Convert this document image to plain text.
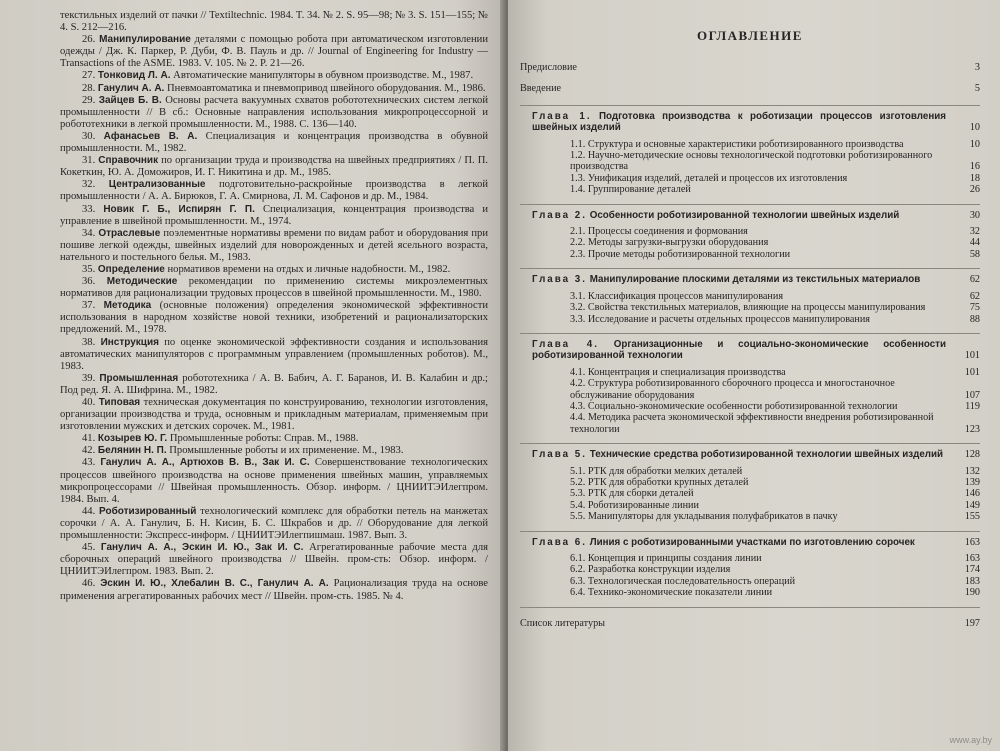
текстильных изделий от пачки // Textiltechnic. 1984. T. 34. № 2. S. 95—98; № 3. S. 151—155; № 4. S. 212—216.

26. Манипулирование деталями с помощью робота при автоматическом изготовлении одежды / Дж. К. Паркер, Р. Дуби, Ф. В. Пауль и др. // Journal of Engineering for Industry — Transactions of the ASME. 1983. V. 105. № 2. P. 21—26.

27. Тонковид Л. А. Автоматические манипуляторы в обувном производстве. М., 1987.

28. Ганулич А. А. Пневмоавтоматика и пневмопривод швейного оборудования. М., 1986.

29. Зайцев Б. В. Основы расчета вакуумных схватов робототехнических систем легкой промышленности // В сб.: Основные направления использования микропроцессорной и робототехники в легкой промышленности. М., 1988. С. 136—140.

30. Афанасьев В. А. Специализация и концентрация производства в обувной промышленности. М., 1982.

31. Справочник по организации труда и производства на швейных предприятиях / П. П. Кокеткин, Ю. А. Доможиров, И. Г. Никитина и др. М., 1985.

32. Централизованные подготовительно-раскройные производства в легкой промышленности / А. А. Бирюков, Г. А. Смирнова, Л. М. Сафонов и др. М., 1984.

33. Новик Г. Б., Испирян Г. П. Специализация, концентрация производства и управление в швейной промышленности. М., 1974.

34. Отраслевые поэлементные нормативы времени по видам работ и оборудования при пошиве легкой одежды, швейных изделий для новорожденных и детей ясельного возраста, нательного и постельного белья. М., 1983.

35. Определение нормативов времени на отдых и личные надобности. М., 1982.

36. Методические рекомендации по применению системы микроэлементных нормативов для рационализации трудовых процессов в швейной промышленности. М., 1980.

37. Методика (основные положения) определения экономической эффективности использования в народном хозяйстве новой техники, изобретений и рационализаторских предложений. М., 1978.

38. Инструкция по оценке экономической эффективности создания и использования автоматических манипуляторов с программным управлением (промышленных роботов). М., 1983.

39. Промышленная робототехника / А. В. Бабич, А. Г. Баранов, И. В. Калабин и др.; Под ред. Я. А. Шифрина. М., 1982.

40. Типовая техническая документация по конструированию, технологии изготовления, организации производства и труда, основным и прикладным материалам, применяемым при изготовлении мужских и детских сорочек. М., 1981.

41. Козырев Ю. Г. Промышленные роботы: Справ. М., 1988.

42. Белянин Н. П. Промышленные роботы и их применение. М., 1983.

43. Ганулич А. А., Артюхов В. В., Зак И. С. Совершенствование технологических процессов швейного производства на основе применения швейных машин, управляемых микропроцессорами // Швейная промышленность. Обзор. информ. / ЦНИИТЭИлегпром. 1984. Вып. 4.

44. Роботизированный технологический комплекс для обработки петель на манжетах сорочки / А. А. Ганулич, Б. Н. Кисин, Б. С. Шкрабов и др. // Оборудование для легкой промышленности: Экспресс-информ. / ЦНИИТЭИлегпишмаш. 1987. Вып. 3.

45. Ганулич А. А., Эскин И. Ю., Зак И. С. Агрегатированные рабочие места для сборочных операций швейного производства // Швейн. пром-сть: Обзор. информ. / ЦНИИТЭИлегпром. 1983. Вып. 2.

46. Эскин И. Ю., Хлебалин В. С., Ганулич А. А. Рационализация труда на основе применения агрегатированных рабочих мест // Швейн. пром-сть. 1985. № 4.

ОГЛАВЛЕНИЕ
Предисловие	3
Введение	5
Глава 1. Подготовка производства к роботизации процессов изготовления швейных изделий	10
1.1. Структура и основные характеристики роботизированного производства	10
1.2. Научно-методические основы технологической подготовки роботизированного производства	16
1.3. Унификация изделий, деталей и процессов их изготовления	18
1.4. Группирование деталей	26
Глава 2. Особенности роботизированной технологии швейных изделий	30
2.1. Процессы соединения и формования	32
2.2. Методы загрузки-выгрузки оборудования	44
2.3. Прочие методы роботизированной технологии	58
Глава 3. Манипулирование плоскими деталями из текстильных материалов	62
3.1. Классификация процессов манипулирования	62
3.2. Свойства текстильных материалов, влияющие на процессы манипулирования	75
3.3. Исследование и расчеты отдельных процессов манипулирования	88
Глава 4. Организационные и социально-экономические особенности роботизированной технологии	101
4.1. Концентрация и специализация производства	101
4.2. Структура роботизированного сборочного процесса и многостаночное обслуживание оборудования	107
4.3. Социально-экономические особенности роботизированной технологии	119
4.4. Методика расчета экономической эффективности внедрения роботизированной технологии	123
Глава 5. Технические средства роботизированной технологии швейных изделий	128
5.1. РТК для обработки мелких деталей	132
5.2. РТК для обработки крупных деталей	139
5.3. РТК для сборки деталей	146
5.4. Роботизированные линии	149
5.5. Манипуляторы для укладывания полуфабрикатов в пачку	155
Глава 6. Линия с роботизированными участками по изготовлению сорочек	163
6.1. Концепция и принципы создания линии	163
6.2. Разработка конструкции изделия	174
6.3. Технологическая последовательность операций	183
6.4. Технико-экономические показатели линии	190
Список литературы	197
www.ay.by
